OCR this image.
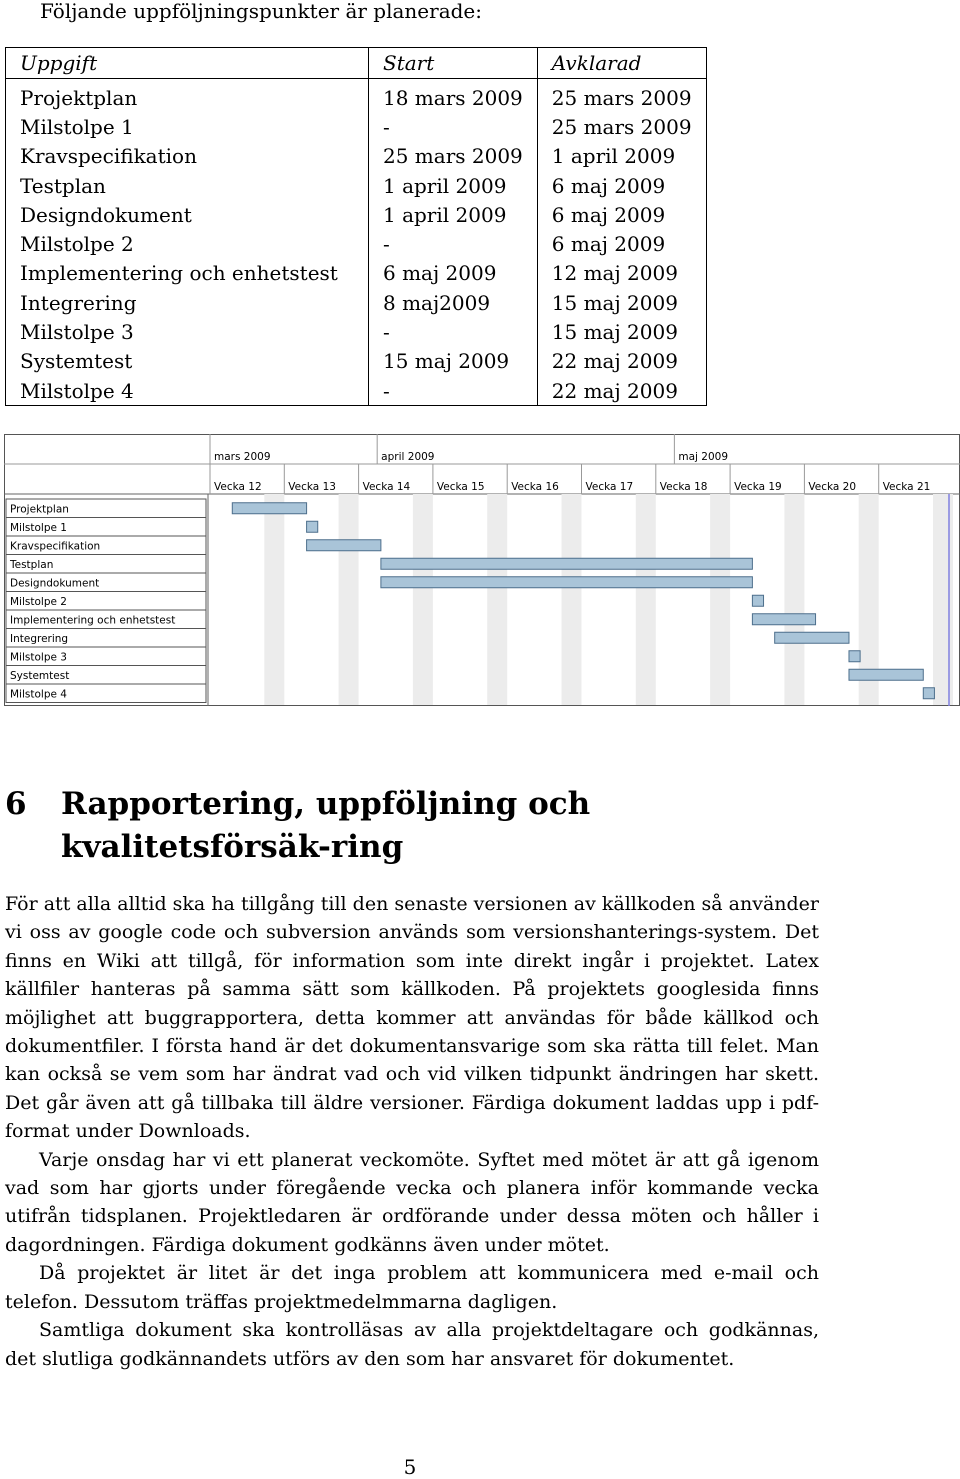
Följande uppföljningspunkter är planerade:
Uppgift	Start	Avklarad
Projektplan	18 mars 2009	25 mars 2009
Milstolpe 1	-	25 mars 2009
Kravspecifikation	25 mars 2009	1 april 2009
Testplan	1 april 2009	6 maj 2009
Designdokument	1 april 2009	6 maj 2009
Milstolpe 2	-	6 maj 2009
Implementering och enhetstest	6 maj 2009	12 maj 2009
Integrering	8 maj2009	15 maj 2009
Milstolpe 3	-	15 maj 2009
Systemtest	15 maj 2009	22 maj 2009
Milstolpe 4	-	22 maj 2009
mars 2009	april 2009	maj 2009
Vecka 12	Vecka 13	Vecka 14	Vecka 15	Vecka 16	Vecka 17	Vecka 18	Vecka 19	Vecka 20	Vecka 21
Projektplan
Milstolpe 1
Kravspecifikation
Testplan
Designdokument
Milstolpe 2
Implementering och enhetstest
Integrering
Milstolpe 3
Systemtest
Milstolpe 4
6	Rapportering, uppföljning och kvalitetsförsäk-ring

För att alla alltid ska ha tillgång till den senaste versionen av källkoden så använder vi oss av google code och subversion används som versionshanterings-system. Det finns en Wiki att tillgå, för information som inte direkt ingår i projektet. Latex källfiler hanteras på samma sätt som källkoden. På projektets googlesida finns möjlighet att buggrapportera, detta kommer att användas för både källkod och dokumentfiler. I första hand är det dokumentansvarige som ska rätta till felet. Man kan också se vem som har ändrat vad och vid vilken tidpunkt ändringen har skett. Det går även att gå tillbaka till äldre versioner. Färdiga dokument laddas upp i pdf-format under Downloads.

Varje onsdag har vi ett planerat veckomöte. Syftet med mötet är att gå igenom vad som har gjorts under föregående vecka och planera inför kommande vecka utifrån tidsplanen. Projektledaren är ordförande under dessa möten och håller i dagordningen. Färdiga dokument godkänns även under mötet.

Då projektet är litet är det inga problem att kommunicera med e-mail och telefon. Dessutom träffas projektmedelmmarna dagligen.

Samtliga dokument ska kontrolläsas av alla projektdeltagare och godkännas, det slutliga godkännandets utförs av den som har ansvaret för dokumentet.

5
